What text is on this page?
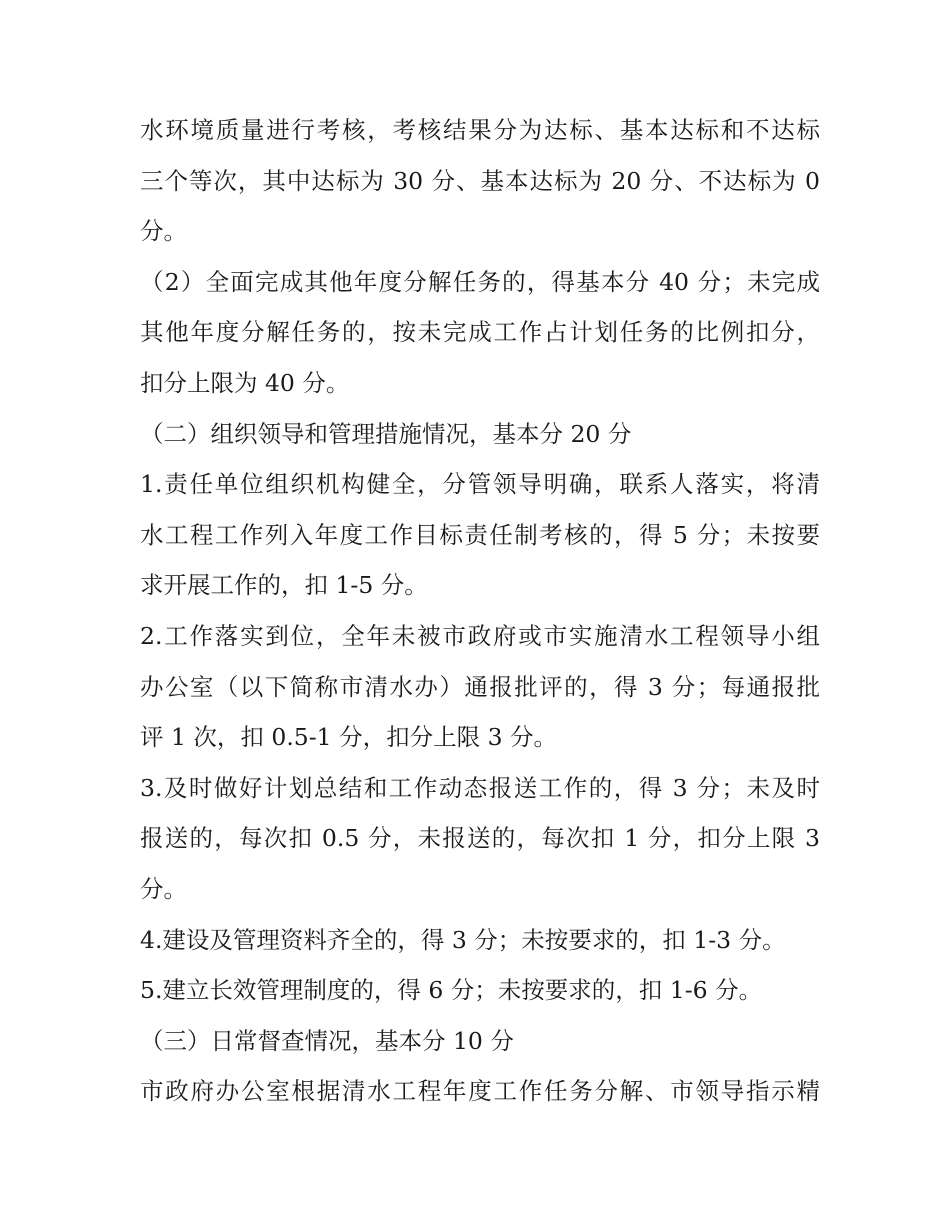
水环境质量进行考核，考核结果分为达标、基本达标和不达标
三个等次，其中达标为 30 分、基本达标为 20 分、不达标为 0
分。
（2）全面完成其他年度分解任务的，得基本分 40 分；未完成
其他年度分解任务的，按未完成工作占计划任务的比例扣分，
扣分上限为 40 分。
（二）组织领导和管理措施情况，基本分 20 分
1.责任单位组织机构健全，分管领导明确，联系人落实，将清
水工程工作列入年度工作目标责任制考核的，得 5 分；未按要
求开展工作的，扣 1-5 分。
2.工作落实到位，全年未被市政府或市实施清水工程领导小组
办公室（以下简称市清水办）通报批评的，得 3 分；每通报批
评 1 次，扣 0.5-1 分，扣分上限 3 分。
3.及时做好计划总结和工作动态报送工作的，得 3 分；未及时
报送的，每次扣 0.5 分，未报送的，每次扣 1 分，扣分上限 3
分。
4.建设及管理资料齐全的，得 3 分；未按要求的，扣 1-3 分。
5.建立长效管理制度的，得 6 分；未按要求的，扣 1-6 分。
（三）日常督查情况，基本分 10 分
市政府办公室根据清水工程年度工作任务分解、市领导指示精
